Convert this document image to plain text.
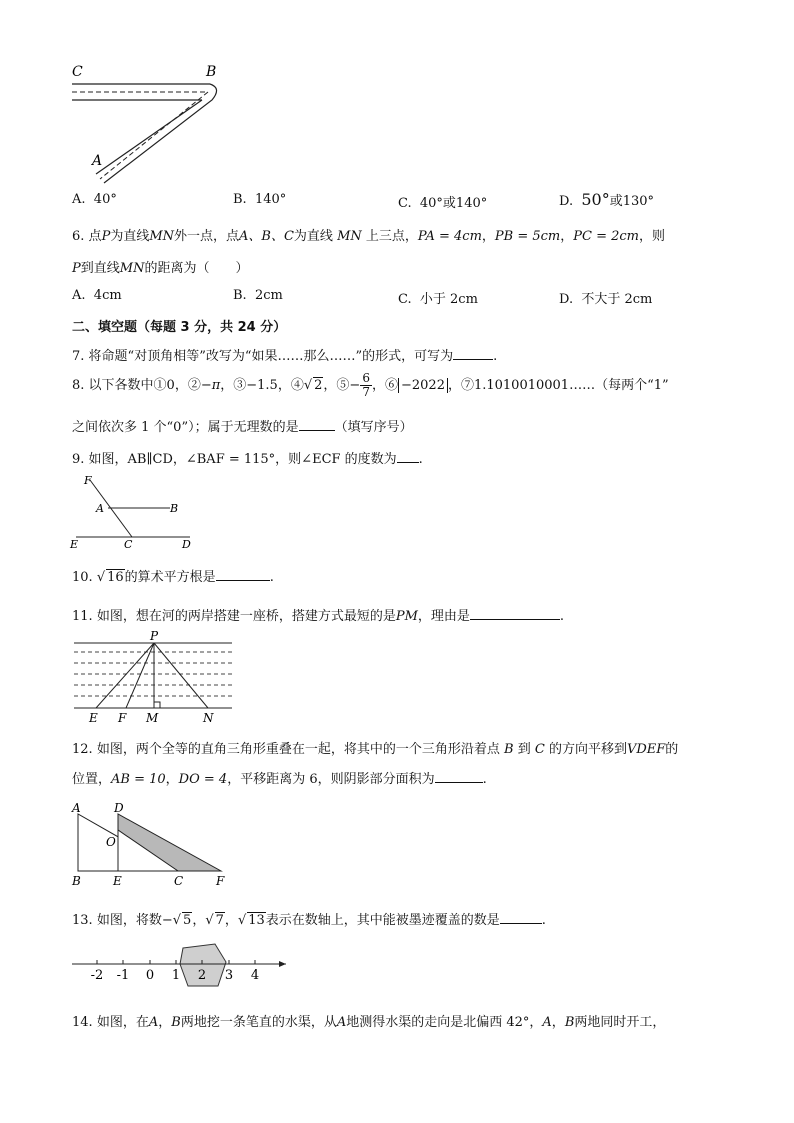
C	B
A
A. 40°	B. 140°	C. 40°或140°	D. 50°或130°
6. 点P为直线MN外一点，点A、B、C为直线 MN 上三点，PA = 4cm，PB = 5cm，PC = 2cm，则
P到直线MN的距离为（　　）
A. 4cm	B. 2cm	C. 小于 2cm	D. 不大于 2cm
二、填空题（每题 3 分，共 24 分）
7. 将命题“对顶角相等”改写为“如果……那么……”的形式，可写为	.
8. 以下各数中①0，②−π，③−1.5，④√ 2，⑤− $\frac{6}{7}$ ，⑥ −2022 ，⑦1.1010010001……（每两个“1”
之间依次多 1 个“0”）；属于无理数的是	（填写序号）
9. 如图，AB∥CD，∠BAF = 115°，则∠ECF 的度数为 .
F
A	B
E	C	D
10. √ 16的算术平方根是	.
11. 如图，想在河的两岸搭建一座桥，搭建方式最短的是PM，理由是	.
P
E F M	N
12. 如图，两个全等的直角三角形重叠在一起，将其中的一个三角形沿着点 B 到 C 的方向平移到VDEF的
位置，AB = 10，DO = 4，平移距离为 6，则阴影部分面积为	.
A	D
O
B	E	C	F
13. 如图，将数−√ 5，√ 7，√ 13表示在数轴上，其中能被墨迹覆盖的数是	.
-2 -1 0 1 2 3 4
14. 如图，在A，B两地挖一条笔直的水渠，从A地测得水渠的走向是北偏西 42°，A，B两地同时开工，
